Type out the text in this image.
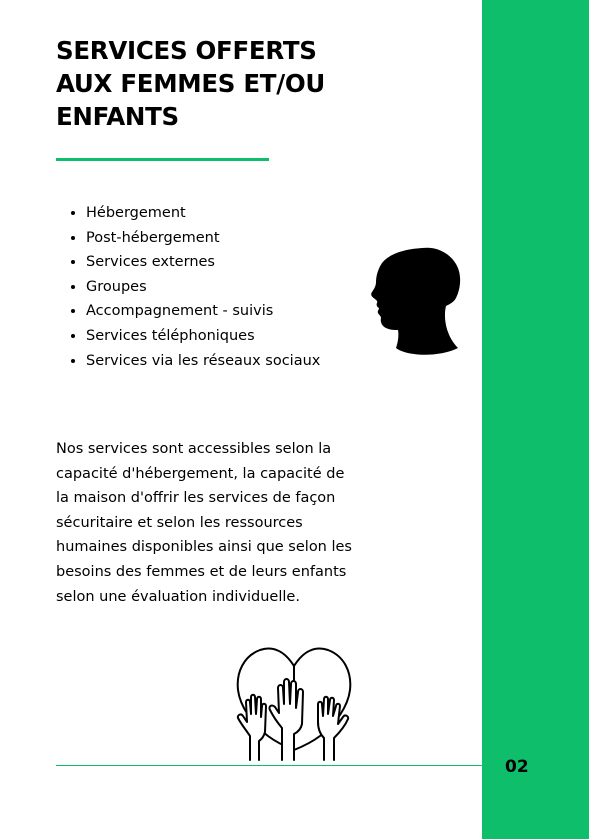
SERVICES OFFERTS AUX FEMMES ET/OU ENFANTS
• Hébergement
• Post-hébergement
• Services externes
• Groupes
• Accompagnement - suivis
• Services téléphoniques
• Services via les réseaux sociaux

Nos services sont accessibles selon la capacité d'hébergement, la capacité de la maison d'offrir les services de façon sécuritaire et selon les ressources humaines disponibles ainsi que selon les besoins des femmes et de leurs enfants selon une évaluation individuelle.

02
